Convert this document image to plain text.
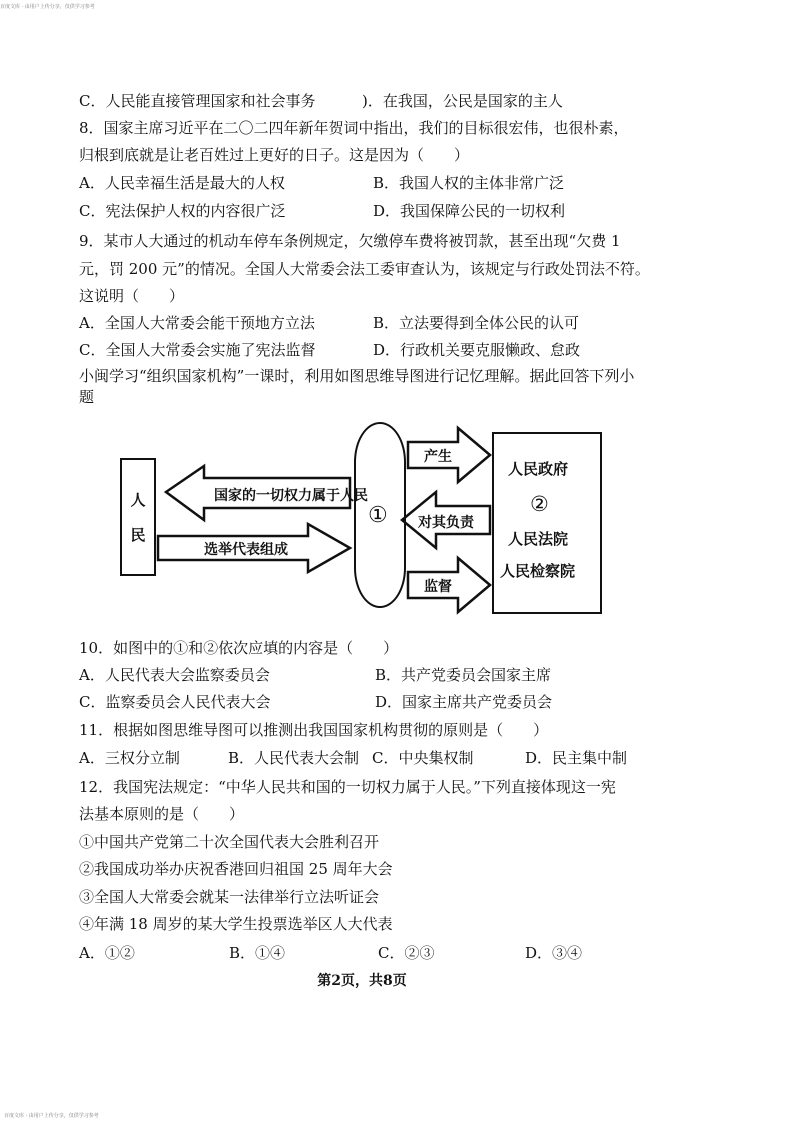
百度文库 · 由用户上传分享，仅供学习参考
C．人民能直接管理国家和社会事务	)．在我国，公民是国家的主人
8．国家主席习近平在二〇二四年新年贺词中指出，我们的目标很宏伟，也很朴素，
归根到底就是让老百姓过上更好的日子。这是因为（　　）
A．人民幸福生活是最大的人权	B．我国人权的主体非常广泛
C．宪法保护人权的内容很广泛	D．我国保障公民的一切权利
9．某市人大通过的机动车停车条例规定，欠缴停车费将被罚款，甚至出现“欠费 1
元，罚 200 元”的情况。全国人大常委会法工委审查认为，该规定与行政处罚法不符。
这说明（　　）
A．全国人大常委会能干预地方立法	B．立法要得到全体公民的认可
C．全国人大常委会实施了宪法监督	D．行政机关要克服懒政、怠政
小闽学习“组织国家机构”一课时，利用如图思维导图进行记忆理解。据此回答下列小
题
人
民
国家的一切权力属于人民
选举代表组成
①
产生
对其负责
监督
人民政府
②
人民法院
人民检察院
10．如图中的①和②依次应填的内容是（　　）
A．人民代表大会监察委员会	B．共产党委员会国家主席
C．监察委员会人民代表大会	D．国家主席共产党委员会
11．根据如图思维导图可以推测出我国国家机构贯彻的原则是（　　）
A．三权分立制	B．人民代表大会制 C．中央集权制	D．民主集中制
12．我国宪法规定：“中华人民共和国的一切权力属于人民。”下列直接体现这一宪
法基本原则的是（　　）
①中国共产党第二十次全国代表大会胜利召开
②我国成功举办庆祝香港回归祖国 25 周年大会
③全国人大常委会就某一法律举行立法听证会
④年满 18 周岁的某大学生投票选举区人大代表
A．①②	B．①④	C．②③	D．③④
第2页，共8页
百度文库 · 由用户上传分享，仅供学习参考
